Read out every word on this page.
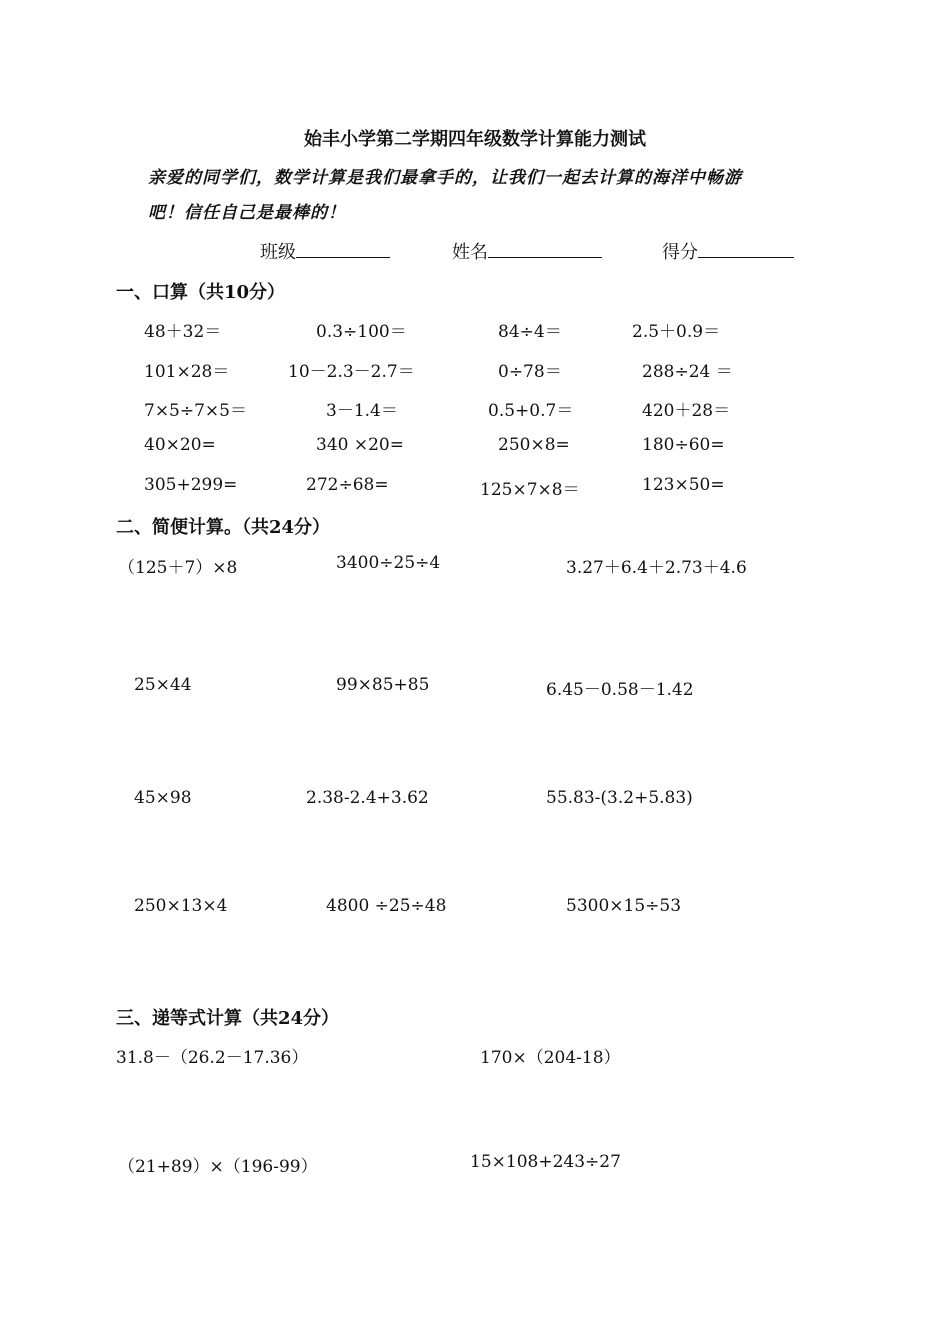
始丰小学第二学期四年级数学计算能力测试
亲爱的同学们，数学计算是我们最拿手的，让我们一起去计算的海洋中畅游
吧！信任自己是最棒的！
班级	姓名	得分
一、口算（共10分）
48＋32＝	0.3÷100＝	84÷4＝	2.5＋0.9＝
101×28＝	10－2.3－2.7＝	0÷78＝	288÷24 ＝
7×5÷7×5＝	3－1.4＝	0.5+0.7＝	420＋28＝
40×20=	340 ×20=	250×8=	180÷60=
305+299=	272÷68=	125×7×8＝	123×50=
二、简便计算。（共24分）
（125＋7）×8	3400÷25÷4	3.27＋6.4＋2.73＋4.6
25×44	99×85+85	6.45－0.58－1.42
45×98	2.38-2.4+3.62	55.83-(3.2+5.83)
250×13×4	4800 ÷25÷48	5300×15÷53
三、递等式计算（共24分）
31.8－（26.2－17.36）	170×（204-18）
（21+89）×（196-99）	15×108+243÷27
